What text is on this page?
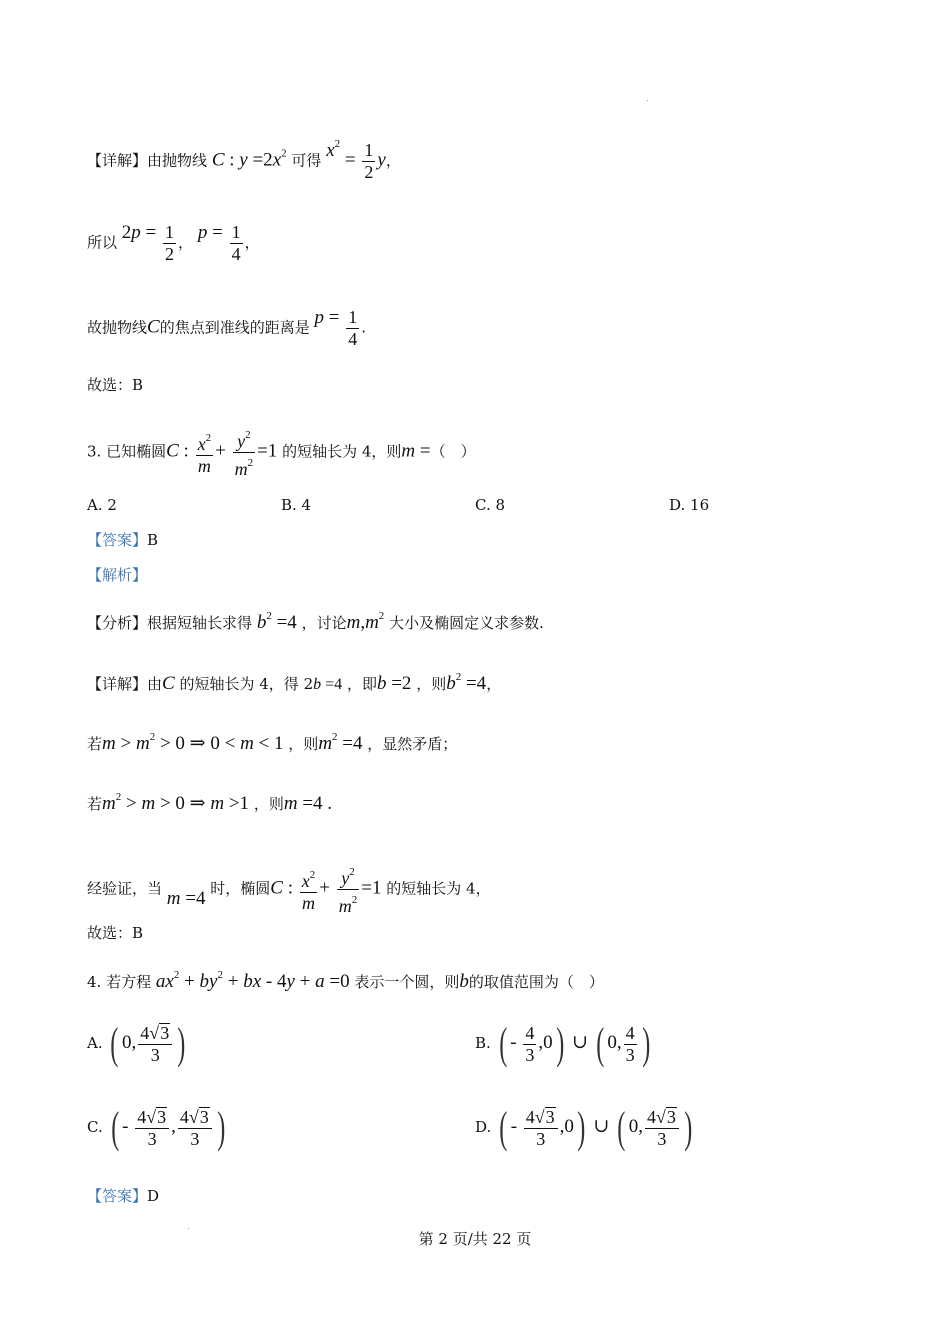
【详解】由抛物线 C : $y =2x^2$ 可得 $x^2 = \frac{1}{2}$ y，
所以 $2p = \frac{1}{2}$ ， $p = \frac{1}{4}$ ，
故抛物线C的焦点到准线的距离是 $p = \frac{1}{4}$ .
故选：B
3. 已知椭圆C : $\frac{x^2}{m} + \frac{y^2}{m^2} =1$ 的短轴长为 4，则m =（　）
A. 2	B. 4	C. 8	D. 16
【答案】B
【解析】
【分析】根据短轴长求得 $b^2 =4$ ，讨论$m,m^2$ 大小及椭圆定义求参数.
【详解】由C 的短轴长为 4，得 2b =4 ，即b =2 ，则$b^2 =4$，
若$m > m^2 > 0$ ⇒ 0 < m < 1 ，则$m^2 =4$ ，显然矛盾；
若$m^2 > m > 0$ ⇒ m >1 ，则m =4 .
经验证，当 m =4 时，椭圆C : $\frac{x^2}{m} + \frac{y^2}{m^2} =1$ 的短轴长为 4，
故选：B
4. 若方程 $ax^2 + by^2$ + bx - 4y + a =0 表示一个圆，则b的取值范围为（　）
A. ( 0, $\frac{4√3}{3}$ )	B. ( - $\frac{4}{3} ,0$) ∪ ( 0, $\frac{4}{3}$ )
C. ( - $\frac{4√3}{3}$ , $\frac{4√3}{3}$ )	D. ( - $\frac{4√3}{3} ,0$) ∪ ( 0, $\frac{4√3}{3}$ )
【答案】D
第 2 页/共 22 页
